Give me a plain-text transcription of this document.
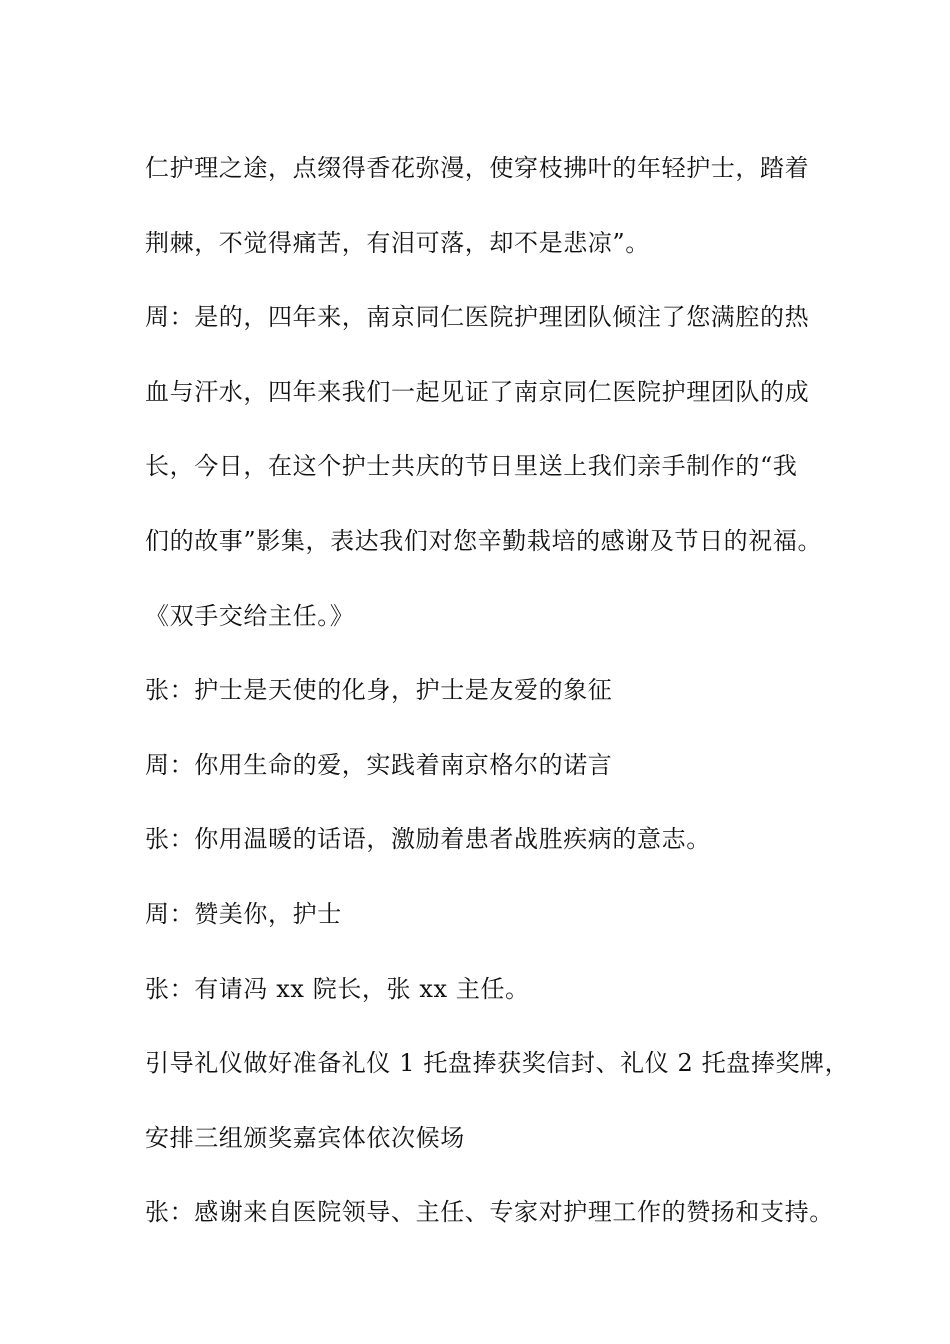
仁护理之途，点缀得香花弥漫，使穿枝拂叶的年轻护士，踏着
荆棘，不觉得痛苦，有泪可落，却不是悲凉”。
周：是的，四年来，南京同仁医院护理团队倾注了您满腔的热
血与汗水，四年来我们一起见证了南京同仁医院护理团队的成
长，今日，在这个护士共庆的节日里送上我们亲手制作的“我
们的故事”影集，表达我们对您辛勤栽培的感谢及节日的祝福。
《双手交给主任。》
张：护士是天使的化身，护士是友爱的象征
周：你用生命的爱，实践着南京格尔的诺言
张：你用温暖的话语，激励着患者战胜疾病的意志。
周：赞美你，护士
张：有请冯 xx 院长，张 xx 主任。
引导礼仪做好准备礼仪 1 托盘捧获奖信封、礼仪 2 托盘捧奖牌，
安排三组颁奖嘉宾体依次候场
张：感谢来自医院领导、主任、专家对护理工作的赞扬和支持。
